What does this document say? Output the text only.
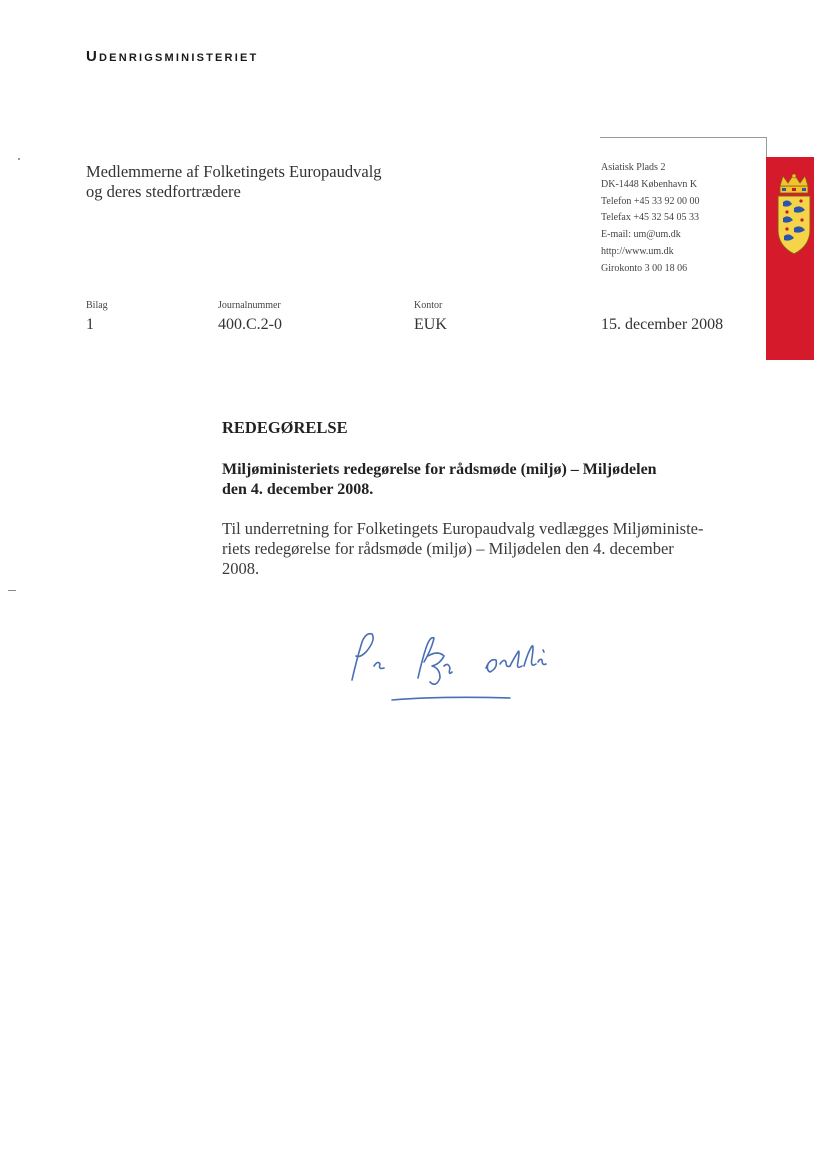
Udenrigsministeriet
Medlemmerne af Folketingets Europaudvalg
og deres stedfortrædere
Asiatisk Plads 2
DK-1448 København K
Telefon +45 33 92 00 00
Telefax +45 32 54 05 33
E-mail: um@um.dk
http://www.um.dk
Girokonto 3 00 18 06
Bilag
1
Journalnummer
400.C.2-0
Kontor
EUK	15. december 2008
REDEGØRELSE
Miljøministeriets redegørelse for rådsmøde (miljø) – Miljødelen
den 4. december 2008.
Til underretning for Folketingets Europaudvalg vedlægges Miljøministe-
riets redegørelse for rådsmøde (miljø) – Miljødelen den 4. december
2008.
